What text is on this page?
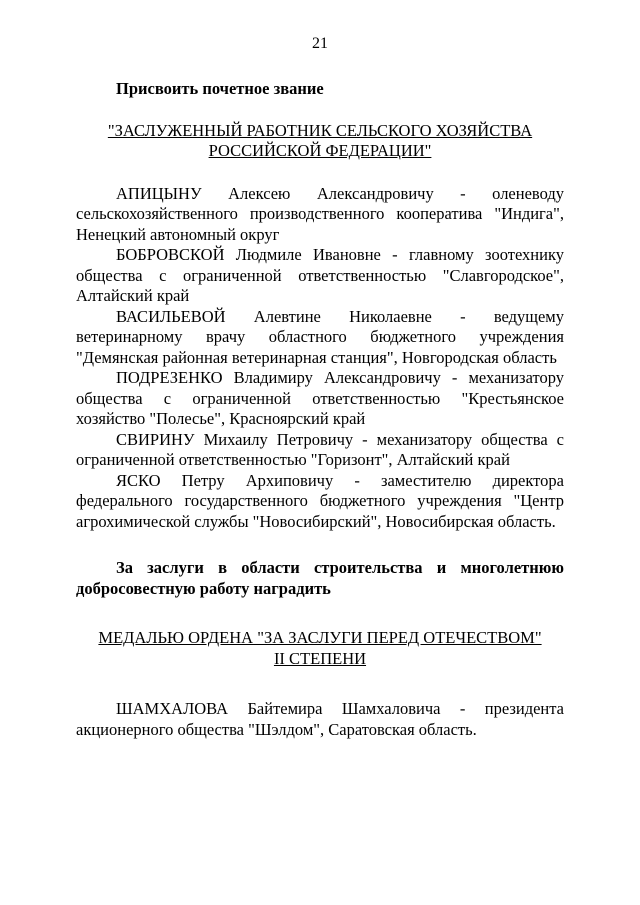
21

Присвоить почетное звание

"ЗАСЛУЖЕННЫЙ РАБОТНИК СЕЛЬСКОГО ХОЗЯЙСТВА
РОССИЙСКОЙ ФЕДЕРАЦИИ"

АПИЦЫНУ Алексею Александровичу - оленеводу сельскохозяйственного производственного кооператива "Индига", Ненецкий автономный округ

БОБРОВСКОЙ Людмиле Ивановне - главному зоотехнику общества с ограниченной ответственностью "Славгородское", Алтайский край

ВАСИЛЬЕВОЙ Алевтине Николаевне - ведущему ветеринарному врачу областного бюджетного учреждения "Демянская районная ветеринарная станция", Новгородская область

ПОДРЕЗЕНКО Владимиру Александровичу - механизатору общества с ограниченной ответственностью "Крестьянское хозяйство "Полесье", Красноярский край

СВИРИНУ Михаилу Петровичу - механизатору общества с ограниченной ответственностью "Горизонт", Алтайский край

ЯСКО Петру Архиповичу - заместителю директора федерального государственного бюджетного учреждения "Центр агрохимической службы "Новосибирский", Новосибирская область.

За заслуги в области строительства и многолетнюю добросовестную работу наградить

МЕДАЛЬЮ ОРДЕНА "ЗА ЗАСЛУГИ ПЕРЕД ОТЕЧЕСТВОМ"
II СТЕПЕНИ

ШАМХАЛОВА Байтемира Шамхаловича - президента акционерного общества "Шэлдом", Саратовская область.
